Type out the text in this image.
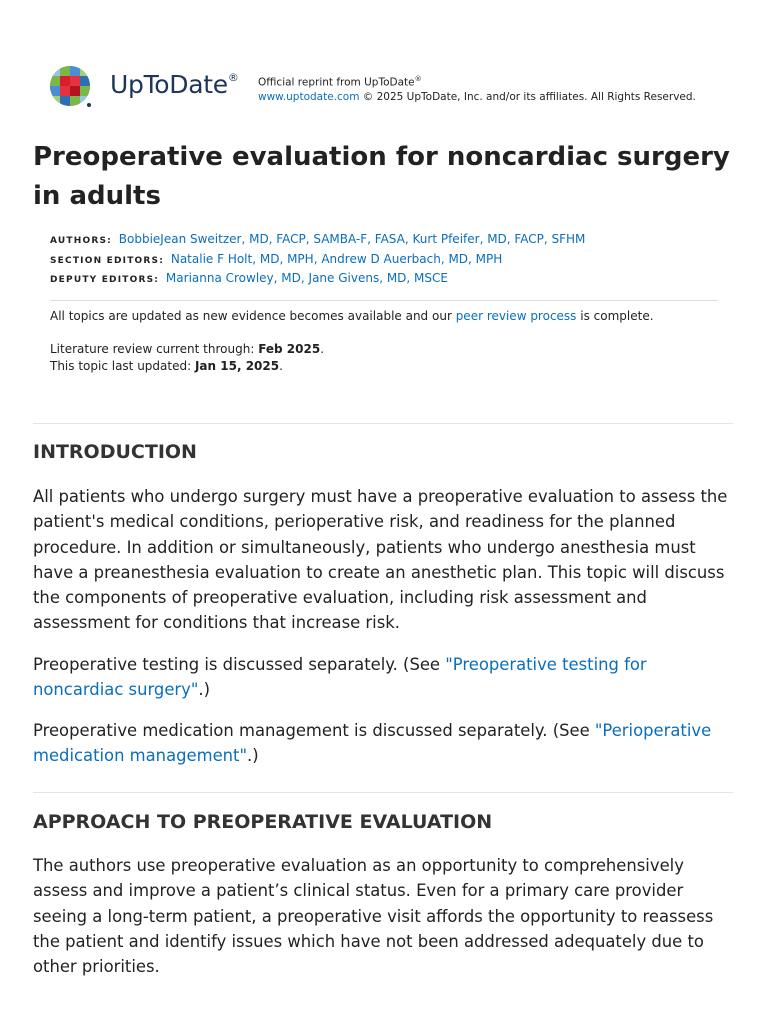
UpToDate® Official reprint from UpToDate®
www.uptodate.com © 2025 UpToDate, Inc. and/or its affiliates. All Rights Reserved.
Preoperative evaluation for noncardiac surgery in adults
AUTHORS: BobbieJean Sweitzer, MD, FACP, SAMBA-F, FASA, Kurt Pfeifer, MD, FACP, SFHM
SECTION EDITORS: Natalie F Holt, MD, MPH, Andrew D Auerbach, MD, MPH
DEPUTY EDITORS: Marianna Crowley, MD, Jane Givens, MD, MSCE
All topics are updated as new evidence becomes available and our peer review process is complete.
Literature review current through: Feb 2025.
This topic last updated: Jan 15, 2025.
INTRODUCTION

All patients who undergo surgery must have a preoperative evaluation to assess the patient's medical conditions, perioperative risk, and readiness for the planned procedure. In addition or simultaneously, patients who undergo anesthesia must have a preanesthesia evaluation to create an anesthetic plan. This topic will discuss the components of preoperative evaluation, including risk assessment and assessment for conditions that increase risk.

Preoperative testing is discussed separately. (See "Preoperative testing for noncardiac surgery".)

Preoperative medication management is discussed separately. (See "Perioperative medication management".)

APPROACH TO PREOPERATIVE EVALUATION

The authors use preoperative evaluation as an opportunity to comprehensively assess and improve a patient’s clinical status. Even for a primary care provider seeing a long-term patient, a preoperative visit affords the opportunity to reassess the patient and identify issues which have not been addressed adequately due to other priorities.
